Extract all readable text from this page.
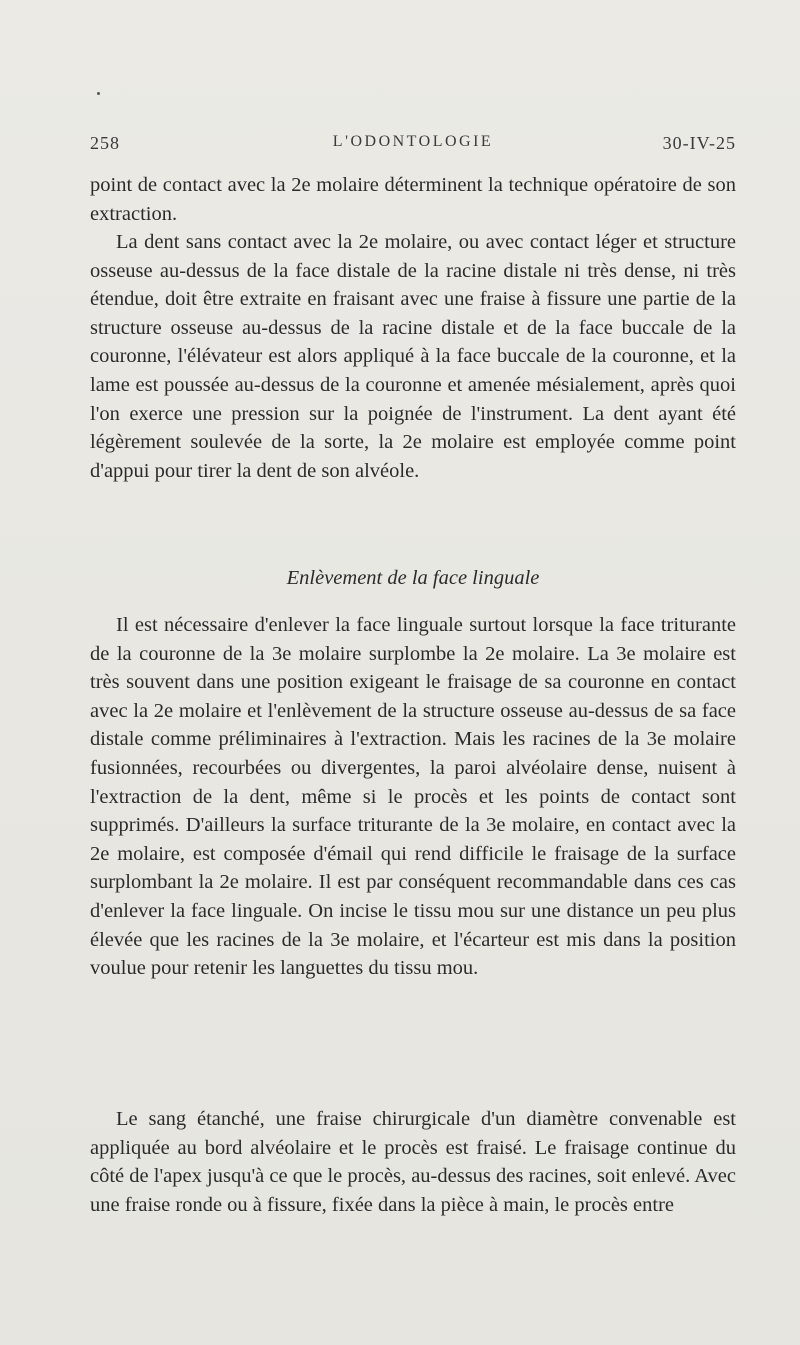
258	L'ODONTOLOGIE	30-IV-25

point de contact avec la 2e molaire déterminent la technique opératoire de son extraction.

La dent sans contact avec la 2e molaire, ou avec contact léger et structure osseuse au-dessus de la face distale de la racine distale ni très dense, ni très étendue, doit être extraite en fraisant avec une fraise à fissure une partie de la structure osseuse au-dessus de la racine distale et de la face buccale de la couronne, l'élévateur est alors appliqué à la face buccale de la couronne, et la lame est poussée au-dessus de la couronne et amenée mésialement, après quoi l'on exerce une pression sur la poignée de l'instrument. La dent ayant été légèrement soulevée de la sorte, la 2e molaire est employée comme point d'appui pour tirer la dent de son alvéole.

Enlèvement de la face linguale

Il est nécessaire d'enlever la face linguale surtout lorsque la face triturante de la couronne de la 3e molaire surplombe la 2e molaire. La 3e molaire est très souvent dans une position exigeant le fraisage de sa couronne en contact avec la 2e molaire et l'enlèvement de la structure osseuse au-dessus de sa face distale comme préliminaires à l'extraction. Mais les racines de la 3e molaire fusionnées, recourbées ou divergentes, la paroi alvéolaire dense, nuisent à l'extraction de la dent, même si le procès et les points de contact sont supprimés. D'ailleurs la surface triturante de la 3e molaire, en contact avec la 2e molaire, est composée d'émail qui rend difficile le fraisage de la surface surplombant la 2e molaire. Il est par conséquent recommandable dans ces cas d'enlever la face linguale. On incise le tissu mou sur une distance un peu plus élevée que les racines de la 3e molaire, et l'écarteur est mis dans la position voulue pour retenir les languettes du tissu mou.

Le sang étanché, une fraise chirurgicale d'un diamètre convenable est appliquée au bord alvéolaire et le procès est fraisé. Le fraisage continue du côté de l'apex jusqu'à ce que le procès, au-dessus des racines, soit enlevé. Avec une fraise ronde ou à fissure, fixée dans la pièce à main, le procès entre
